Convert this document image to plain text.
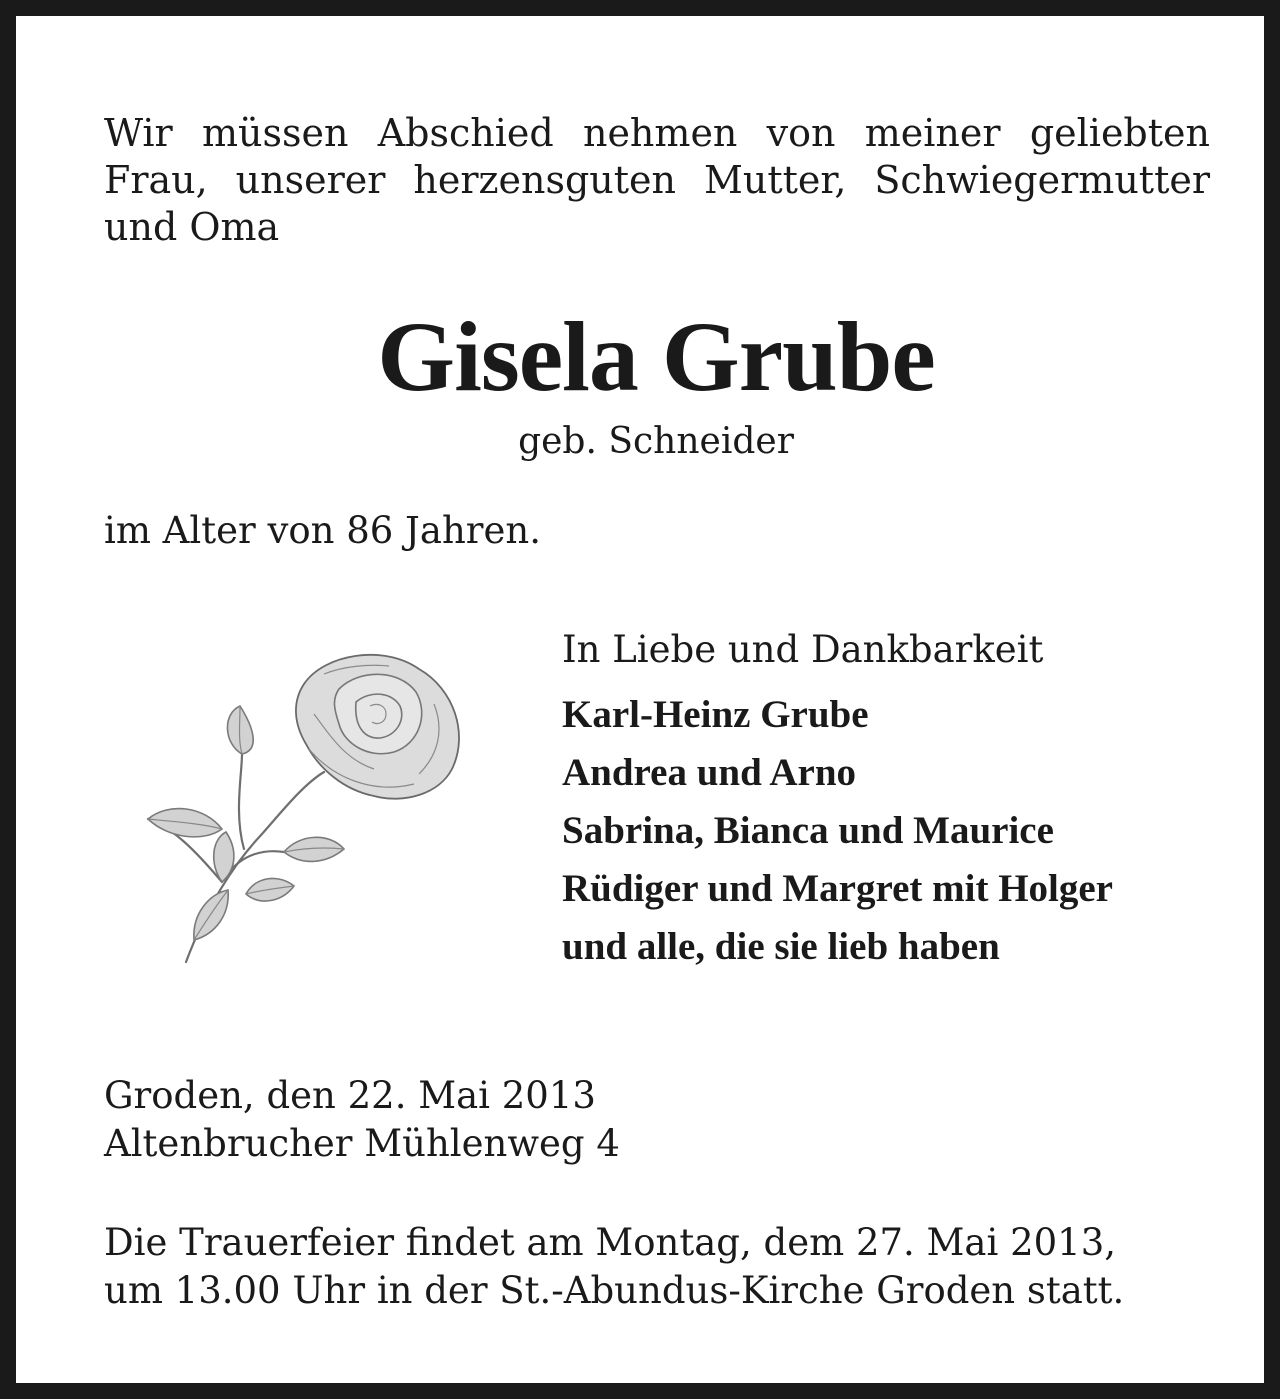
Wir müssen Abschied nehmen von meiner geliebten Frau, unserer herzensguten Mutter, Schwiegermutter und Oma

Gisela Grube
geb. Schneider
im Alter von 86 Jahren.

In Liebe und Dankbarkeit

Karl-Heinz Grube
Andrea und Arno
Sabrina, Bianca und Maurice
Rüdiger und Margret mit Holger
und alle, die sie lieb haben
Groden, den 22. Mai 2013
Altenbrucher Mühlenweg 4
Die Trauerfeier findet am Montag, dem 27. Mai 2013,
um 13.00 Uhr in der St.-Abundus-Kirche Groden statt.
